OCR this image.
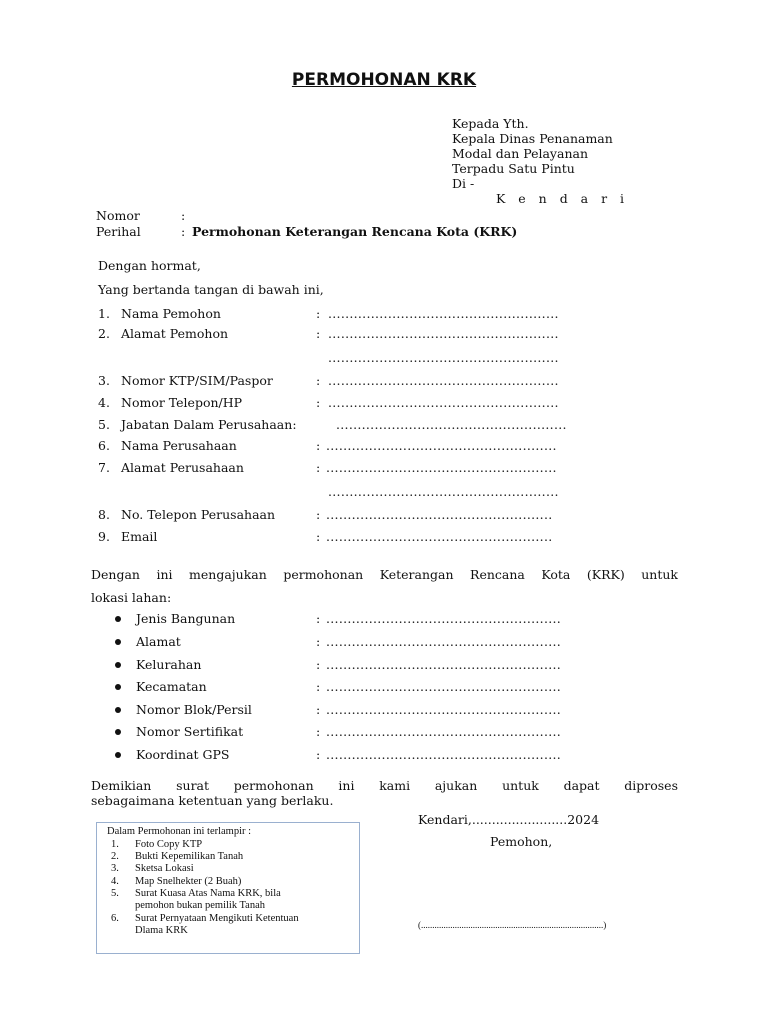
PERMOHONAN KRK
Kepada Yth.
Kepala Dinas Penanaman
Modal dan Pelayanan
Terpadu Satu Pintu
Di -
K e n d a r i
Nomor	:
Perihal	: Permohonan Keterangan Rencana Kota (KRK)
Dengan hormat,
Yang bertanda tangan di bawah ini,
1. Nama Pemohon	: ......................................................
2. Alamat Pemohon	: ......................................................
......................................................
3. Nomor KTP/SIM/Paspor	: ......................................................
4. Nomor Telepon/HP	: ......................................................
5. Jabatan Dalam Perusahaan:	......................................................
6. Nama Perusahaan	: ......................................................
7. Alamat Perusahaan	: ......................................................
......................................................
8. No. Telepon Perusahaan	: .....................................................
9. Email	: .....................................................
Dengan ini mengajukan permohonan Keterangan Rencana Kota (KRK) untuk
lokasi lahan:
Jenis Bangunan	: .......................................................
Alamat	: .......................................................
Kelurahan	: .......................................................
Kecamatan	: .......................................................
Nomor Blok/Persil	: .......................................................
Nomor Sertifikat	: .......................................................
Koordinat GPS	: .......................................................
Demikian surat permohonan ini kami ajukan untuk dapat diproses
sebagaimana ketentuan yang berlaku.
Kendari,........................2024
Pemohon,
(.................................................................................)
Dalam Permohonan ini terlampir :
1. Foto Copy KTP
2. Bukti Kepemilikan Tanah
3. Sketsa Lokasi
4. Map Snelhekter (2 Buah)
5. Surat Kuasa Atas Nama KRK, bila
pemohon bukan pemilik Tanah
6. Surat Pernyataan Mengikuti Ketentuan
Dlama KRK
